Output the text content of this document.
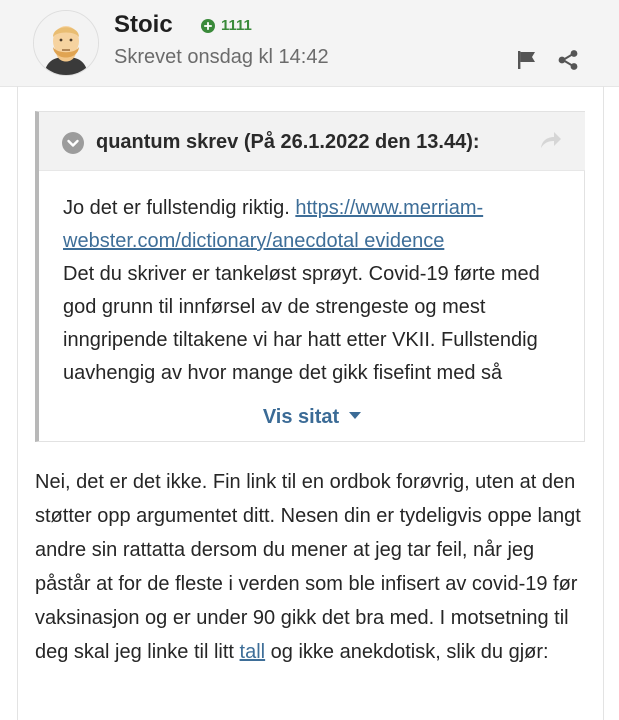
Stoic	1111
Skrevet onsdag kl 14:42
quantum skrev (På 26.1.2022 den 13.44):
Jo det er fullstendig riktig. https://www.merriam-webster.com/dictionary/anecdotal evidence
Det du skriver er tankeløst sprøyt. Covid-19 førte med god grunn til innførsel av de strengeste og mest inngripende tiltakene vi har hatt etter VKII. Fullstendig uavhengig av hvor mange det gikk fisefint med så
Vis sitat
Nei, det er det ikke. Fin link til en ordbok forøvrig, uten at den støtter opp argumentet ditt. Nesen din er tydeligvis oppe langt andre sin rattatta dersom du mener at jeg tar feil, når jeg påstår at for de fleste i verden som ble infisert av covid-19 før vaksinasjon og er under 90 gikk det bra med. I motsetning til deg skal jeg linke til litt tall og ikke anekdotisk, slik du gjør:
